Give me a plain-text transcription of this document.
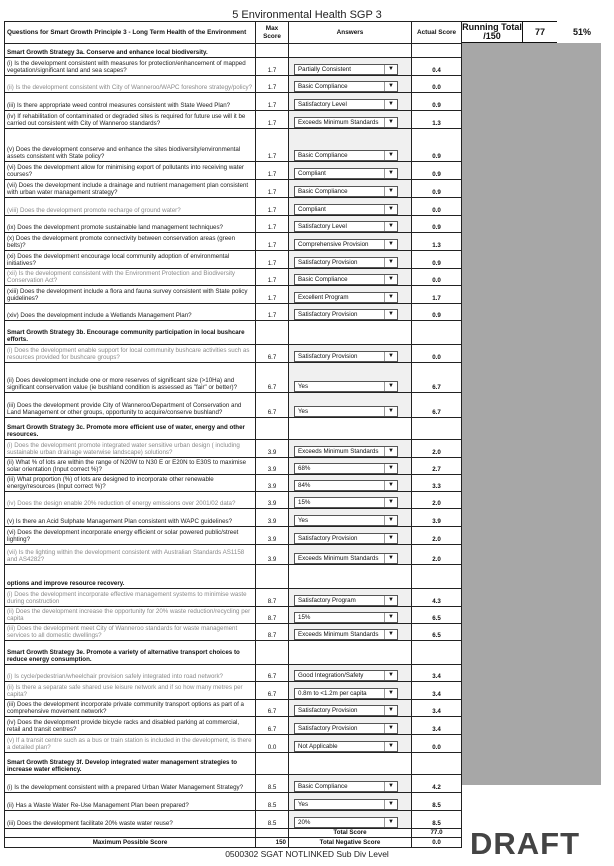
5 Environmental Health SGP 3
Running Total /150	77	51%
Questions for Smart Growth Principle 3 - Long Term Health of the Environment	Max Score	Answers	Actual Score
Smart Growth Strategy 3a. Conserve and enhance local biodiversity.			
(i) Is the development consistent with measures for protection/enhancement of mapped vegetation/significant land and sea scapes?	1.7	Partially Consistent ▼	0.4
(ii) Is the development consistent with City of Wanneroo/WAPC foreshore strategy/policy?	1.7	Basic Compliance ▼	0.0
(iii) Is there appropriate weed control measures consistent with State Weed Plan?	1.7	Satisfactory Level ▼	0.9
(iv) If rehabilitation of contaminated or degraded sites is required for future use will it be carried out consistent with City of Wanneroo standards?	1.7	Exceeds Minimum Standards ▼	1.3
(v) Does the development conserve and enhance the sites biodiversity/environmental assets consistent with State policy?	1.7	Basic Compliance ▼	0.9
(vi) Does the development allow for minimising export of pollutants into receiving water courses?	1.7	Compliant ▼	0.9
(vii) Does the development include a drainage and nutrient management plan consistent with urban water management strategy?	1.7	Basic Compliance ▼	0.9
(viii) Does the development promote recharge of ground water?	1.7	Compliant ▼	0.0
(ix) Does the development promote sustainable land management techniques?	1.7	Satisfactory Level ▼	0.9
(x) Does the development promote connectivity between conservation areas (green belts)?	1.7	Comprehensive Provision ▼	1.3
(xi) Does the development encourage local community adoption of environmental initiatives?	1.7	Satisfactory Provision ▼	0.9
(xii) Is the development consistent with the Environment Protection and Biodiversity Conservation Act?	1.7	Basic Compliance ▼	0.0
(xiii) Does the development include a flora and fauna survey consistent with State policy guidelines?	1.7	Excellent Program ▼	1.7
(xiv) Does the development include a Wetlands Management Plan?	1.7	Satisfactory Provision ▼	0.9
Smart Growth Strategy 3b. Encourage community participation in local bushcare efforts.			
(i) Does the development enable support for local community bushcare activities such as resources provided for bushcare groups?	6.7	Satisfactory Provision ▼	0.0
(ii) Does development include one or more reserves of significant size (>10Ha) and significant conservation value (ie bushland condition is assessed as "fair" or better)?	6.7	Yes ▼	6.7
(iii) Does the development provide City of Wanneroo/Department of Conservation and Land Management or other groups, opportunity to acquire/conserve bushland?	6.7	Yes ▼	6.7
Smart Growth Strategy 3c. Promote more efficient use of water, energy and other resources.			
(i) Does the development promote integrated water sensitive urban design ( including sustainable urban drainage waterwise landscape) solutions?	3.9	Exceeds Minimum Standards ▼	2.0
(ii) What % of lots are within the range of N20W to N30 E or E20N to E30S to maximise solar orientation (Input correct %)?	3.9	68% ▼	2.7
(iii) What proportion (%) of lots are designed to incorporate other renewable energy/resources (Input correct %)?	3.9	84% ▼	3.3
(iv) Does the design enable 20% reduction of energy emissions over 2001/02 data?	3.9	15% ▼	2.0
(v) Is there an Acid Sulphate Management Plan consistent with WAPC guidelines?	3.9	Yes ▼	3.9
(vi) Does the development incorporate energy efficient or solar powered public/street lighting?	3.9	Satisfactory Provision ▼	2.0
(vii) Is the lighting within the development consistent with Australian Standards AS1158 and AS4282?	3.9	Exceeds Minimum Standards ▼	2.0
options and improve resource recovery.			
(i) Does the development incorporate effective management systems to minimise waste during construction	8.7	Satisfactory Program ▼	4.3
(ii) Does the development increase the opportunity for 20% waste reduction/recycling per capita	8.7	15% ▼	6.5
(iii) Does the development meet City of Wanneroo standards for waste management services to all domestic dwellings?	8.7	Exceeds Minimum Standards ▼	6.5
Smart Growth Strategy 3e. Promote a variety of alternative transport choices to reduce energy consumption.			
(i) Is cycle/pedestrian/wheelchair provision safely integrated into road network?	6.7	Good Integration/Safety ▼	3.4
(ii) Is there a separate safe shared use leisure network and if so how many metres per capita?	6.7	0.8m to <1.2m per capita ▼	3.4
(iii) Does the development incorporate private community transport options as part of a comprehensive movement network?	6.7	Satisfactory Provision ▼	3.4
(iv) Does the development provide bicycle racks and disabled parking at commercial, retail and transit centres?	6.7	Satisfactory Provision ▼	3.4
(v) If a transit centre such as a bus or train station is included in the development, is there a detailed plan?	0.0	Not Applicable ▼	0.0
Smart Growth Strategy 3f. Develop integrated water management strategies to increase water efficiency.			
(i) Is the development consistent with a prepared Urban Water Management Strategy?	8.5	Basic Compliance ▼	4.2
(ii) Has a Waste Water Re-Use Management Plan been prepared?	8.5	Yes ▼	8.5
(iii) Does the development facilitate 20% waste water reuse?	8.5	20% ▼	8.5
		Total Score	77.0
Maximum Possible Score	150	Total Negative Score	0.0 DRAFT
0500302 SGAT NOTLINKED Sub Div Level
